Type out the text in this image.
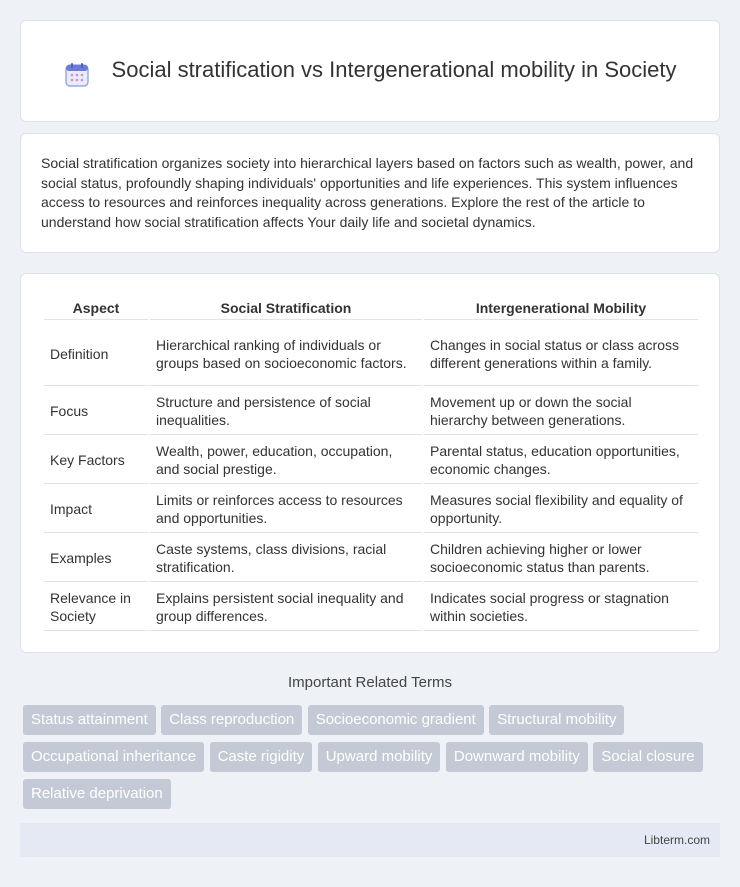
Social stratification vs Intergenerational mobility in Society

Social stratification organizes society into hierarchical layers based on factors such as wealth, power, and social status, profoundly shaping individuals' opportunities and life experiences. This system influences access to resources and reinforces inequality across generations. Explore the rest of the article to understand how social stratification affects Your daily life and societal dynamics.

Aspect	Social Stratification	Intergenerational Mobility
Definition	Hierarchical ranking of individuals or groups based on socioeconomic factors.	Changes in social status or class across different generations within a family.
Focus	Structure and persistence of social inequalities.	Movement up or down the social hierarchy between generations.
Key Factors	Wealth, power, education, occupation, and social prestige.	Parental status, education opportunities, economic changes.
Impact	Limits or reinforces access to resources and opportunities.	Measures social flexibility and equality of opportunity.
Examples	Caste systems, class divisions, racial stratification.	Children achieving higher or lower socioeconomic status than parents.
Relevance in Society	Explains persistent social inequality and group differences.	Indicates social progress or stagnation within societies.
Important Related Terms
Status attainment Class reproduction Socioeconomic gradient Structural mobility Occupational inheritance Caste rigidity Upward mobility Downward mobility Social closure Relative deprivation
Libterm.com
